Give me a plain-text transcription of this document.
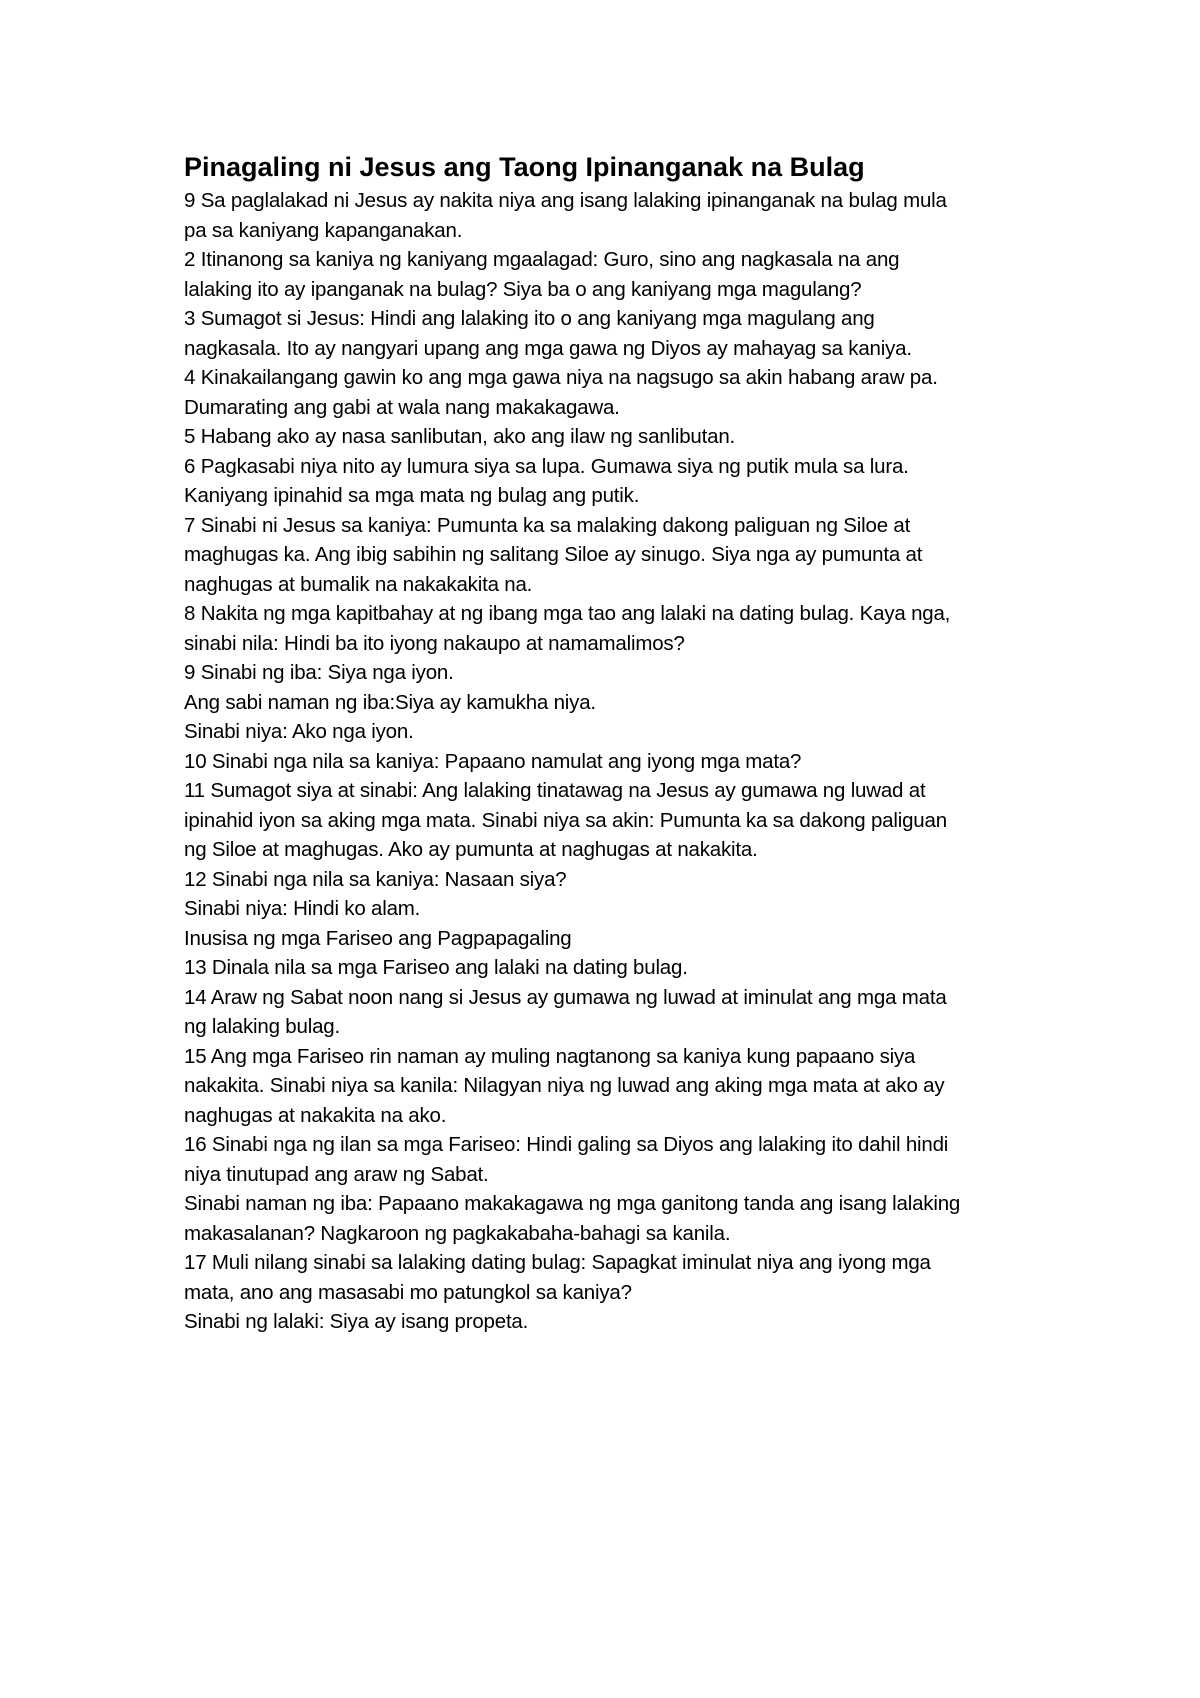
Pinagaling ni Jesus ang Taong Ipinanganak na Bulag

9 Sa paglalakad ni Jesus ay nakita niya ang isang lalaking ipinanganak na bulag mula

pa sa kaniyang kapanganakan.

2 Itinanong sa kaniya ng kaniyang mgaalagad: Guro, sino ang nagkasala na ang

lalaking ito ay ipanganak na bulag? Siya ba o ang kaniyang mga magulang?

3 Sumagot si Jesus: Hindi ang lalaking ito o ang kaniyang mga magulang ang

nagkasala. Ito ay nangyari upang ang mga gawa ng Diyos ay mahayag sa kaniya.

4 Kinakailangang gawin ko ang mga gawa niya na nagsugo sa akin habang araw pa.

Dumarating ang gabi at wala nang makakagawa.

5 Habang ako ay nasa sanlibutan, ako ang ilaw ng sanlibutan.

6 Pagkasabi niya nito ay lumura siya sa lupa. Gumawa siya ng putik mula sa lura.

Kaniyang ipinahid sa mga mata ng bulag ang putik.

7 Sinabi ni Jesus sa kaniya: Pumunta ka sa malaking dakong paliguan ng Siloe at

maghugas ka. Ang ibig sabihin ng salitang Siloe ay sinugo. Siya nga ay pumunta at

naghugas at bumalik na nakakakita na.

8 Nakita ng mga kapitbahay at ng ibang mga tao ang lalaki na dating bulag. Kaya nga,

sinabi nila: Hindi ba ito iyong nakaupo at namamalimos?

9 Sinabi ng iba: Siya nga iyon.

Ang sabi naman ng iba:Siya ay kamukha niya.

Sinabi niya: Ako nga iyon.

10 Sinabi nga nila sa kaniya: Papaano namulat ang iyong mga mata?

11 Sumagot siya at sinabi: Ang lalaking tinatawag na Jesus ay gumawa ng luwad at

ipinahid iyon sa aking mga mata. Sinabi niya sa akin: Pumunta ka sa dakong paliguan

ng Siloe at maghugas. Ako ay pumunta at naghugas at nakakita.

12 Sinabi nga nila sa kaniya: Nasaan siya?

Sinabi niya: Hindi ko alam.

Inusisa ng mga Fariseo ang Pagpapagaling

13 Dinala nila sa mga Fariseo ang lalaki na dating bulag.

14 Araw ng Sabat noon nang si Jesus ay gumawa ng luwad at iminulat ang mga mata

ng lalaking bulag.

15 Ang mga Fariseo rin naman ay muling nagtanong sa kaniya kung papaano siya

nakakita. Sinabi niya sa kanila: Nilagyan niya ng luwad ang aking mga mata at ako ay

naghugas at nakakita na ako.

16 Sinabi nga ng ilan sa mga Fariseo: Hindi galing sa Diyos ang lalaking ito dahil hindi

niya tinutupad ang araw ng Sabat.

Sinabi naman ng iba: Papaano makakagawa ng mga ganitong tanda ang isang lalaking

makasalanan? Nagkaroon ng pagkakabaha-bahagi sa kanila.

17 Muli nilang sinabi sa lalaking dating bulag: Sapagkat iminulat niya ang iyong mga

mata, ano ang masasabi mo patungkol sa kaniya?

Sinabi ng lalaki: Siya ay isang propeta.
